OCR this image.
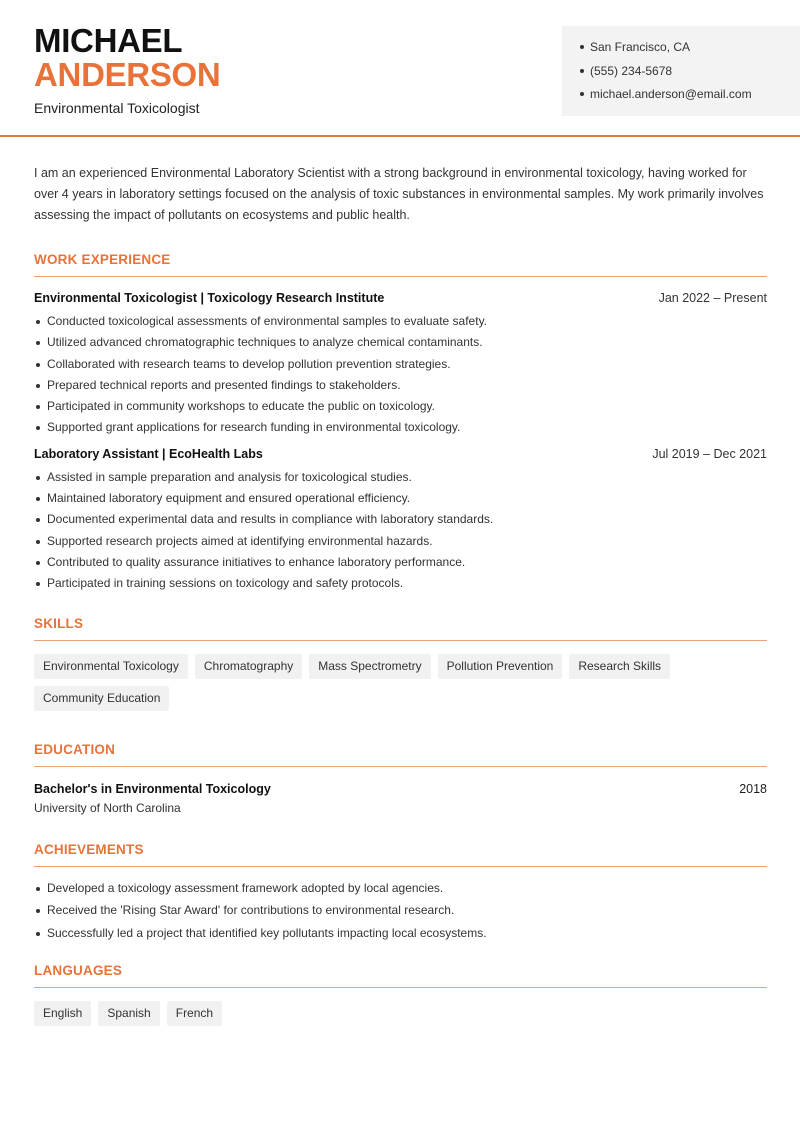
MICHAEL
ANDERSON
Environmental Toxicologist
San Francisco, CA
(555) 234-5678
michael.anderson@email.com

I am an experienced Environmental Laboratory Scientist with a strong background in environmental toxicology, having worked for over 4 years in laboratory settings focused on the analysis of toxic substances in environmental samples. My work primarily involves assessing the impact of pollutants on ecosystems and public health.

WORK EXPERIENCE
Environmental Toxicologist | Toxicology Research Institute	Jan 2022 – Present
Conducted toxicological assessments of environmental samples to evaluate safety.
Utilized advanced chromatographic techniques to analyze chemical contaminants.
Collaborated with research teams to develop pollution prevention strategies.
Prepared technical reports and presented findings to stakeholders.
Participated in community workshops to educate the public on toxicology.
Supported grant applications for research funding in environmental toxicology.
Laboratory Assistant | EcoHealth Labs	Jul 2019 – Dec 2021
Assisted in sample preparation and analysis for toxicological studies.
Maintained laboratory equipment and ensured operational efficiency.
Documented experimental data and results in compliance with laboratory standards.
Supported research projects aimed at identifying environmental hazards.
Contributed to quality assurance initiatives to enhance laboratory performance.
Participated in training sessions on toxicology and safety protocols.
SKILLS
Environmental Toxicology	Chromatography	Mass Spectrometry	Pollution Prevention	Research Skills
Community Education
EDUCATION
Bachelor's in Environmental Toxicology	2018
University of North Carolina
ACHIEVEMENTS
Developed a toxicology assessment framework adopted by local agencies.
Received the 'Rising Star Award' for contributions to environmental research.
Successfully led a project that identified key pollutants impacting local ecosystems.
LANGUAGES
English	Spanish	French
